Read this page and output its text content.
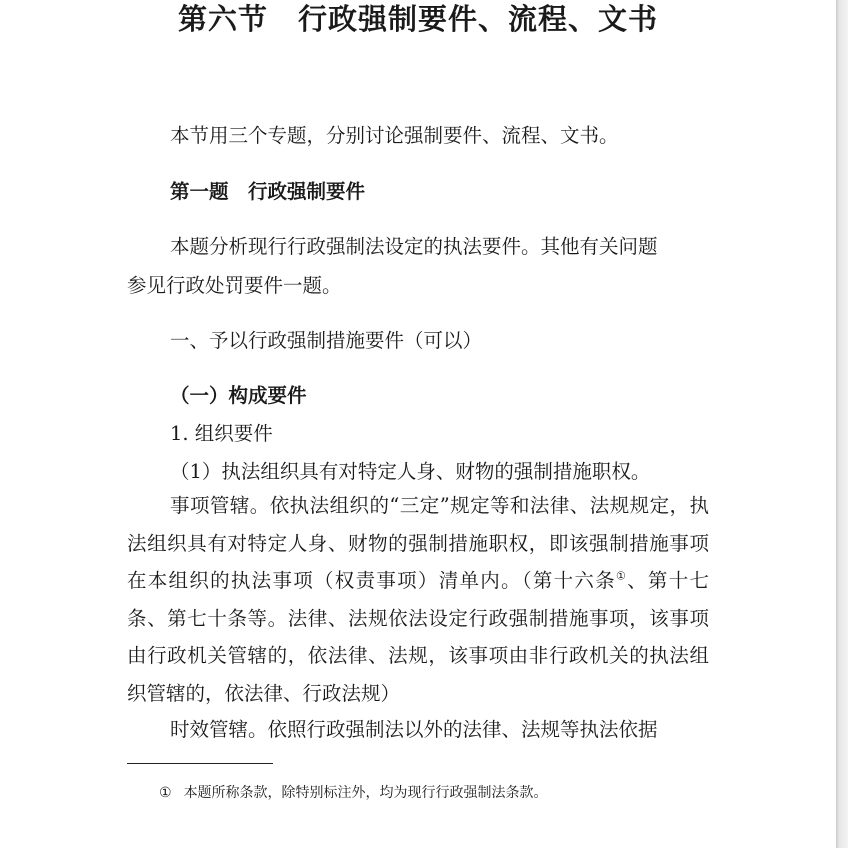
第六节　行政强制要件、流程、文书
本节用三个专题，分别讨论强制要件、流程、文书。
第一题　行政强制要件
本题分析现行行政强制法设定的执法要件。其他有关问题
参见行政处罚要件一题。
一、予以行政强制措施要件（可以）
（一）构成要件
1. 组织要件
（1）执法组织具有对特定人身、财物的强制措施职权。
事项管辖。依执法组织的“三定”规定等和法律、法规规定，执法组织具有对特定人身、财物的强制措施职权，即该强制措施事项在本组织的执法事项（权责事项）清单内。（第十六条①、第十七条、第七十条等。法律、法规依法设定行政强制措施事项，该事项由行政机关管辖的，依法律、法规，该事项由非行政机关的执法组织管辖的，依法律、行政法规）
时效管辖。依照行政强制法以外的法律、法规等执法依据
① 本题所称条款，除特别标注外，均为现行行政强制法条款。
